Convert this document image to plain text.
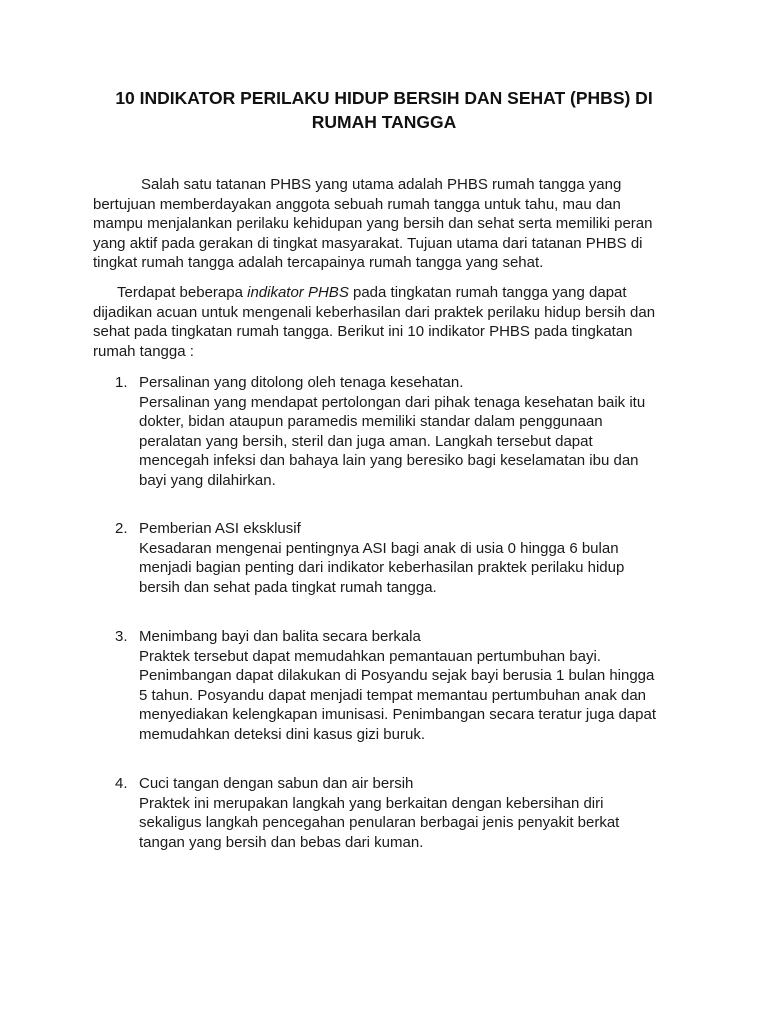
10 INDIKATOR PERILAKU HIDUP BERSIH DAN SEHAT (PHBS) DI
RUMAH TANGGA
Salah satu tatanan PHBS yang utama adalah PHBS rumah tangga yang
bertujuan memberdayakan anggota sebuah rumah tangga untuk tahu, mau dan
mampu menjalankan perilaku kehidupan yang bersih dan sehat serta memiliki peran
yang aktif pada gerakan di tingkat masyarakat. Tujuan utama dari tatanan PHBS di
tingkat rumah tangga adalah tercapainya rumah tangga yang sehat.
Terdapat beberapa indikator PHBS pada tingkatan rumah tangga yang dapat
dijadikan acuan untuk mengenali keberhasilan dari praktek perilaku hidup bersih dan
sehat pada tingkatan rumah tangga. Berikut ini 10 indikator PHBS pada tingkatan
rumah tangga :
1. Persalinan yang ditolong oleh tenaga kesehatan.
Persalinan yang mendapat pertolongan dari pihak tenaga kesehatan baik itu
dokter, bidan ataupun paramedis memiliki standar dalam penggunaan
peralatan yang bersih, steril dan juga aman. Langkah tersebut dapat
mencegah infeksi dan bahaya lain yang beresiko bagi keselamatan ibu dan
bayi yang dilahirkan.
2. Pemberian ASI eksklusif
Kesadaran mengenai pentingnya ASI bagi anak di usia 0 hingga 6 bulan
menjadi bagian penting dari indikator keberhasilan praktek perilaku hidup
bersih dan sehat pada tingkat rumah tangga.
3. Menimbang bayi dan balita secara berkala
Praktek tersebut dapat memudahkan pemantauan pertumbuhan bayi.
Penimbangan dapat dilakukan di Posyandu sejak bayi berusia 1 bulan hingga
5 tahun. Posyandu dapat menjadi tempat memantau pertumbuhan anak dan
menyediakan kelengkapan imunisasi. Penimbangan secara teratur juga dapat
memudahkan deteksi dini kasus gizi buruk.
4. Cuci tangan dengan sabun dan air bersih
Praktek ini merupakan langkah yang berkaitan dengan kebersihan diri
sekaligus langkah pencegahan penularan berbagai jenis penyakit berkat
tangan yang bersih dan bebas dari kuman.
